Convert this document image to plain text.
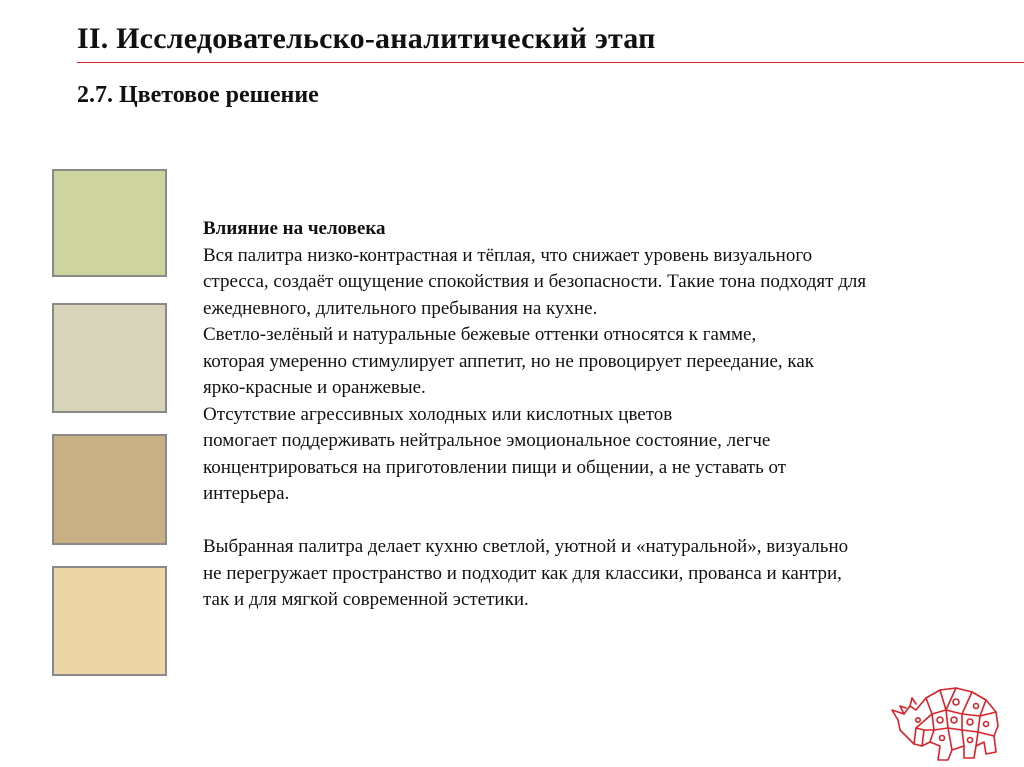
II. Исследовательско-аналитический этап
2.7. Цветовое решение
Влияние на человека
Вся палитра низко-контрастная и тёплая, что снижает уровень визуального
стресса, создаёт ощущение спокойствия и безопасности. Такие тона подходят для
ежедневного, длительного пребывания на кухне.
Светло-зелёный и натуральные бежевые оттенки относятся к гамме,
которая умеренно стимулирует аппетит, но не провоцирует переедание, как
ярко-красные и оранжевые.
Отсутствие агрессивных холодных или кислотных цветов
помогает поддерживать нейтральное эмоциональное состояние, легче
концентрироваться на приготовлении пищи и общении, а не уставать от
интерьера.
Выбранная палитра делает кухню светлой, уютной и «натуральной», визуально
не перегружает пространство и подходит как для классики, прованса и кантри,
так и для мягкой современной эстетики.
